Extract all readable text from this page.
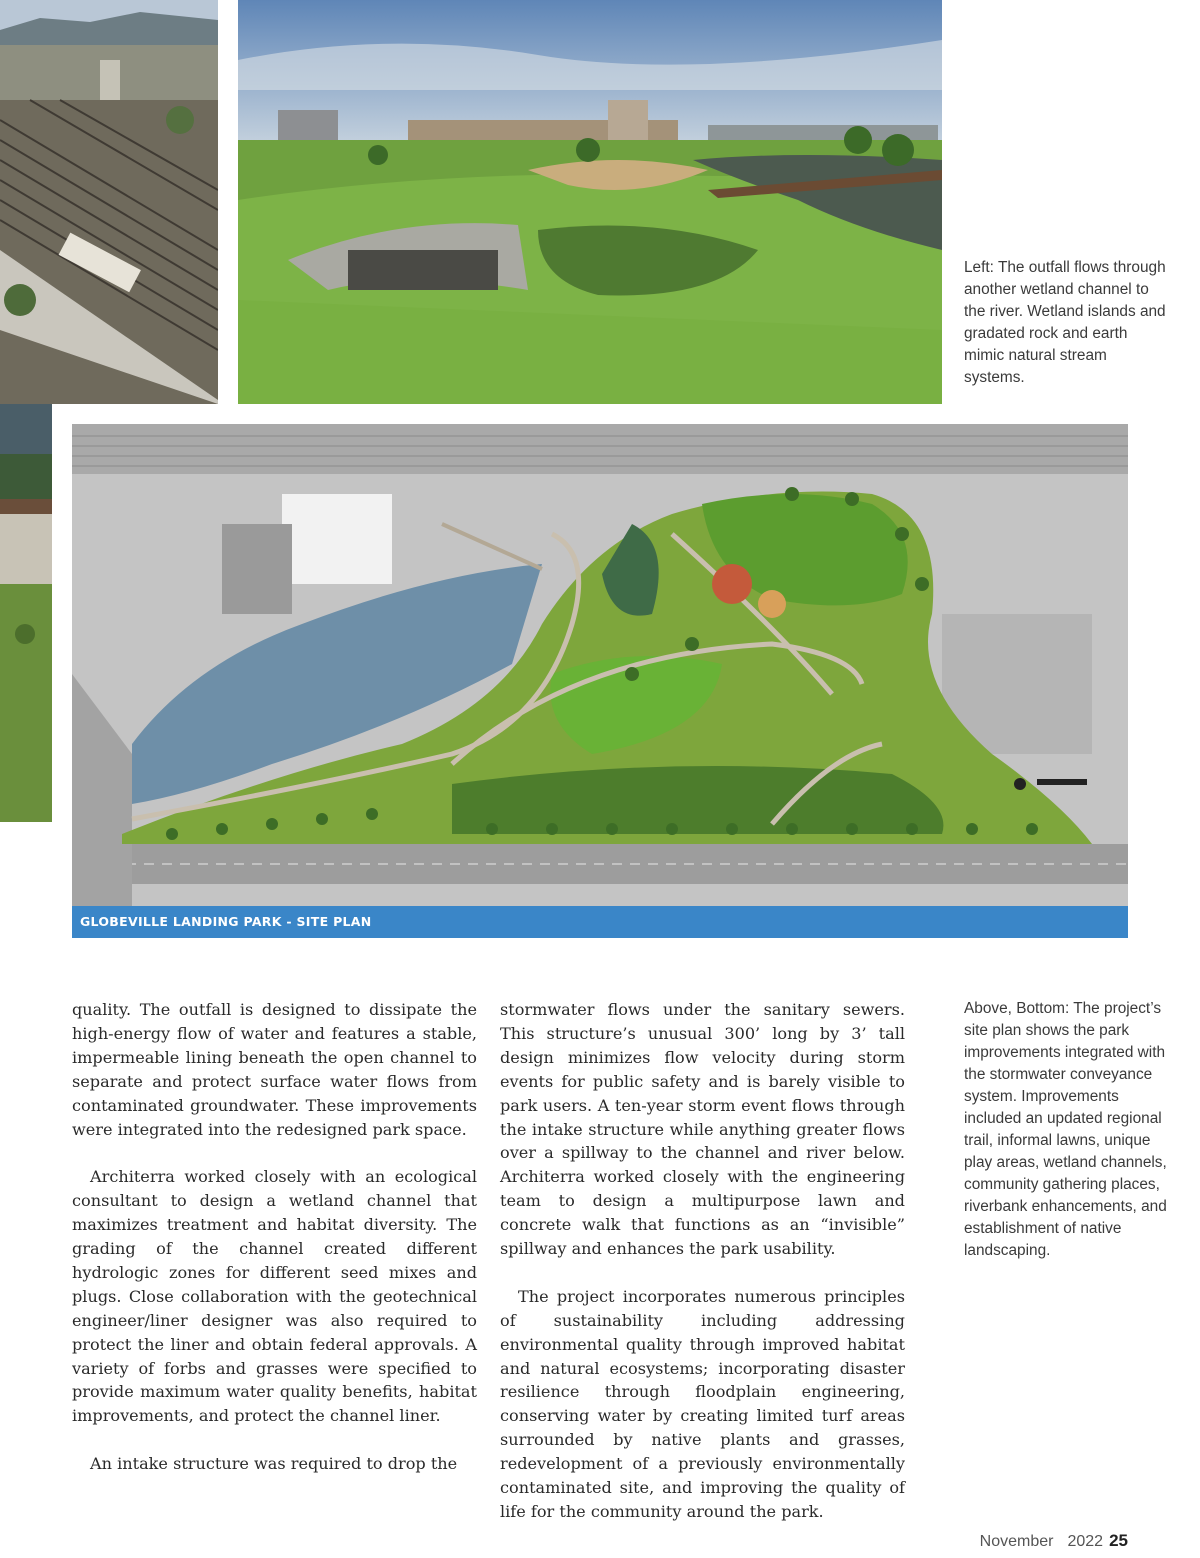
Left: The outfall flows through another wetland channel to the river. Wetland islands and gradated rock and earth mimic natural stream systems.
GLOBEVILLE LANDING PARK - SITE PLAN

quality. The outfall is designed to dissipate the high-energy flow of water and features a stable, impermeable lining beneath the open channel to separate and protect surface water flows from contaminated groundwater. These improvements were integrated into the redesigned park space.

Architerra worked closely with an ecological consultant to design a wetland channel that maximizes treatment and habitat diversity. The grading of the channel created different hydrologic zones for different seed mixes and plugs. Close collaboration with the geotechnical engineer/liner designer was also required to protect the liner and obtain federal approvals. A variety of forbs and grasses were specified to provide maximum water quality benefits, habitat improvements, and protect the channel liner.

An intake structure was required to drop the

stormwater flows under the sanitary sewers. This structure’s unusual 300’ long by 3’ tall design minimizes flow velocity during storm events for public safety and is barely visible to park users. A ten-year storm event flows through the intake structure while anything greater flows over a spillway to the channel and river below. Architerra worked closely with the engineering team to design a multipurpose lawn and concrete walk that functions as an “invisible” spillway and enhances the park usability.

The project incorporates numerous principles of sustainability including addressing environmental quality through improved habitat and natural ecosystems; incorporating disaster resilience through floodplain engineering, conserving water by creating limited turf areas surrounded by native plants and grasses, redevelopment of a previously environmentally contaminated site, and improving the quality of life for the community around the park.

Above, Bottom: The project’s site plan shows the park improvements integrated with the stormwater conveyance system. Improvements included an updated regional trail, informal lawns, unique play areas, wetland channels, community gathering places, riverbank enhancements, and establishment of native landscaping.
November 2022 25
